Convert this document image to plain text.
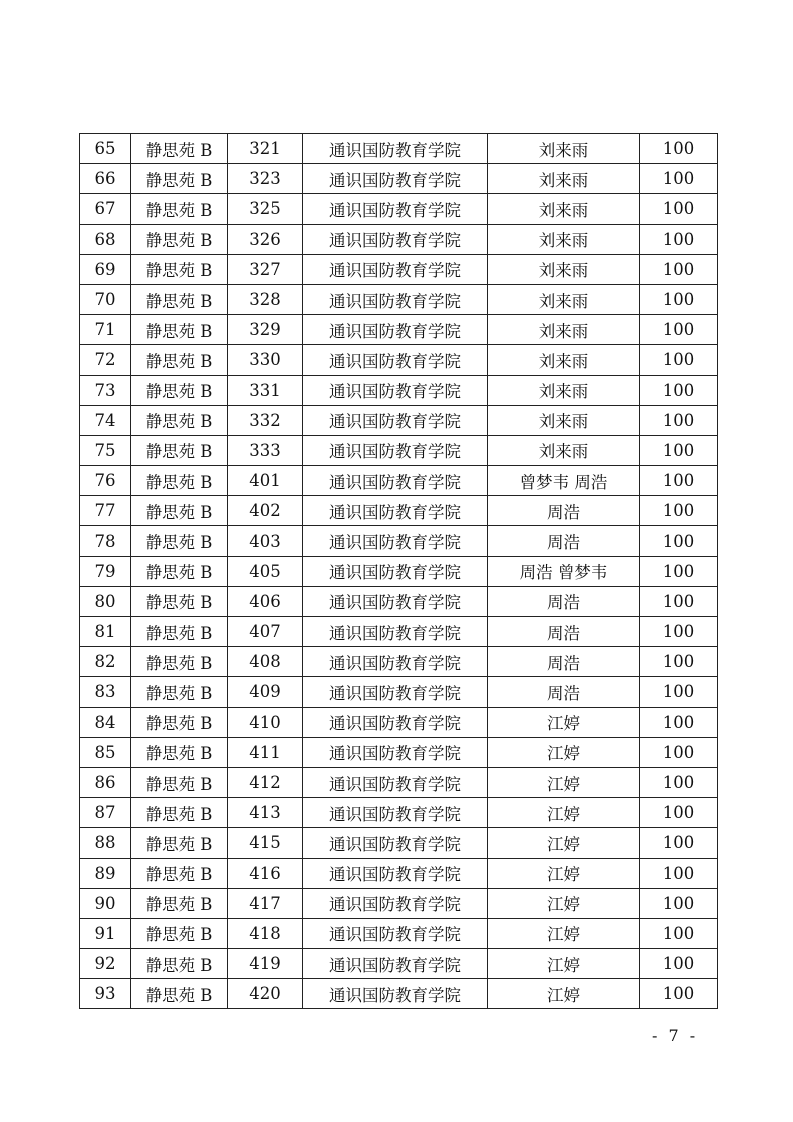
65	静思苑 B	321	通识国防教育学院	刘来雨	100
66	静思苑 B	323	通识国防教育学院	刘来雨	100
67	静思苑 B	325	通识国防教育学院	刘来雨	100
68	静思苑 B	326	通识国防教育学院	刘来雨	100
69	静思苑 B	327	通识国防教育学院	刘来雨	100
70	静思苑 B	328	通识国防教育学院	刘来雨	100
71	静思苑 B	329	通识国防教育学院	刘来雨	100
72	静思苑 B	330	通识国防教育学院	刘来雨	100
73	静思苑 B	331	通识国防教育学院	刘来雨	100
74	静思苑 B	332	通识国防教育学院	刘来雨	100
75	静思苑 B	333	通识国防教育学院	刘来雨	100
76	静思苑 B	401	通识国防教育学院	曾梦韦 周浩	100
77	静思苑 B	402	通识国防教育学院	周浩	100
78	静思苑 B	403	通识国防教育学院	周浩	100
79	静思苑 B	405	通识国防教育学院	周浩 曾梦韦	100
80	静思苑 B	406	通识国防教育学院	周浩	100
81	静思苑 B	407	通识国防教育学院	周浩	100
82	静思苑 B	408	通识国防教育学院	周浩	100
83	静思苑 B	409	通识国防教育学院	周浩	100
84	静思苑 B	410	通识国防教育学院	江婷	100
85	静思苑 B	411	通识国防教育学院	江婷	100
86	静思苑 B	412	通识国防教育学院	江婷	100
87	静思苑 B	413	通识国防教育学院	江婷	100
88	静思苑 B	415	通识国防教育学院	江婷	100
89	静思苑 B	416	通识国防教育学院	江婷	100
90	静思苑 B	417	通识国防教育学院	江婷	100
91	静思苑 B	418	通识国防教育学院	江婷	100
92	静思苑 B	419	通识国防教育学院	江婷	100
93	静思苑 B	420	通识国防教育学院	江婷	100
- 7 -
